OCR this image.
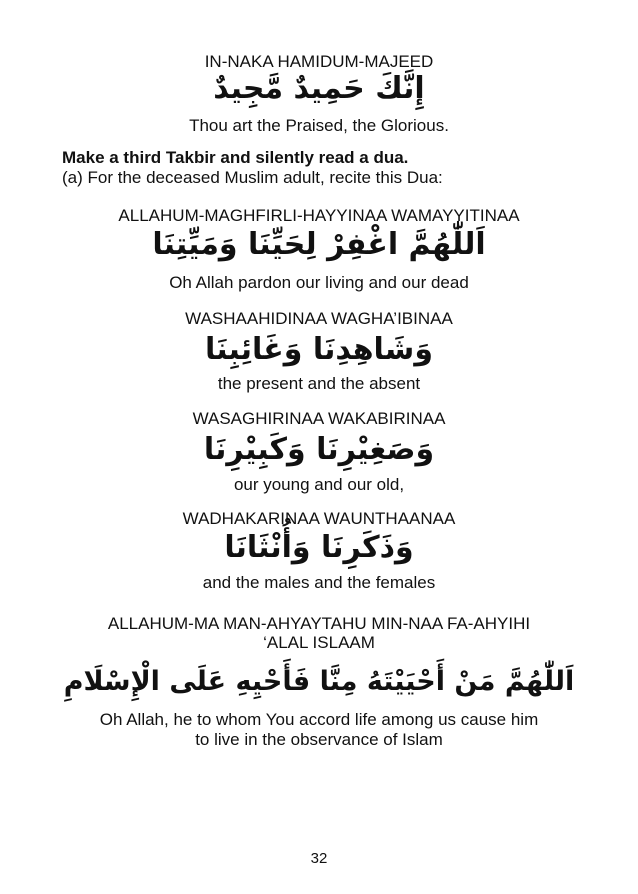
IN-NAKA HAMIDUM-MAJEED
إِنَّكَ حَمِيدٌ مَّجِيدٌ
Thou art the Praised, the Glorious.
Make a third Takbir and silently read a dua.
(a) For the deceased Muslim adult, recite this Dua:
ALLAHUM-MAGHFIRLI-HAYYINAA WAMAYYITINAA
اَللّٰهُمَّ اغْفِرْ لِحَيِّنَا وَمَيِّتِنَا
Oh Allah pardon our living and our dead
WASHAAHIDINAA WAGHA’IBINAA
وَشَاهِدِنَا وَغَائِبِنَا
the present and the absent
WASAGHIRINAA WAKABIRINAA
وَصَغِيْرِنَا وَكَبِيْرِنَا
our young and our old,
WADHAKARINAA WAUNTHAANAA
وَذَكَرِنَا وَأُنْثَانَا
and the males and the females
ALLAHUM-MA MAN-AHYAYTAHU MIN-NAA FA-AHYIHI
‘ALAL ISLAAM
اَللّٰهُمَّ مَنْ أَحْيَيْتَهُ مِنَّا فَأَحْيِهِ عَلَى الْإِسْلَامِ
Oh Allah, he to whom You accord life among us cause him
to live in the observance of Islam
32
